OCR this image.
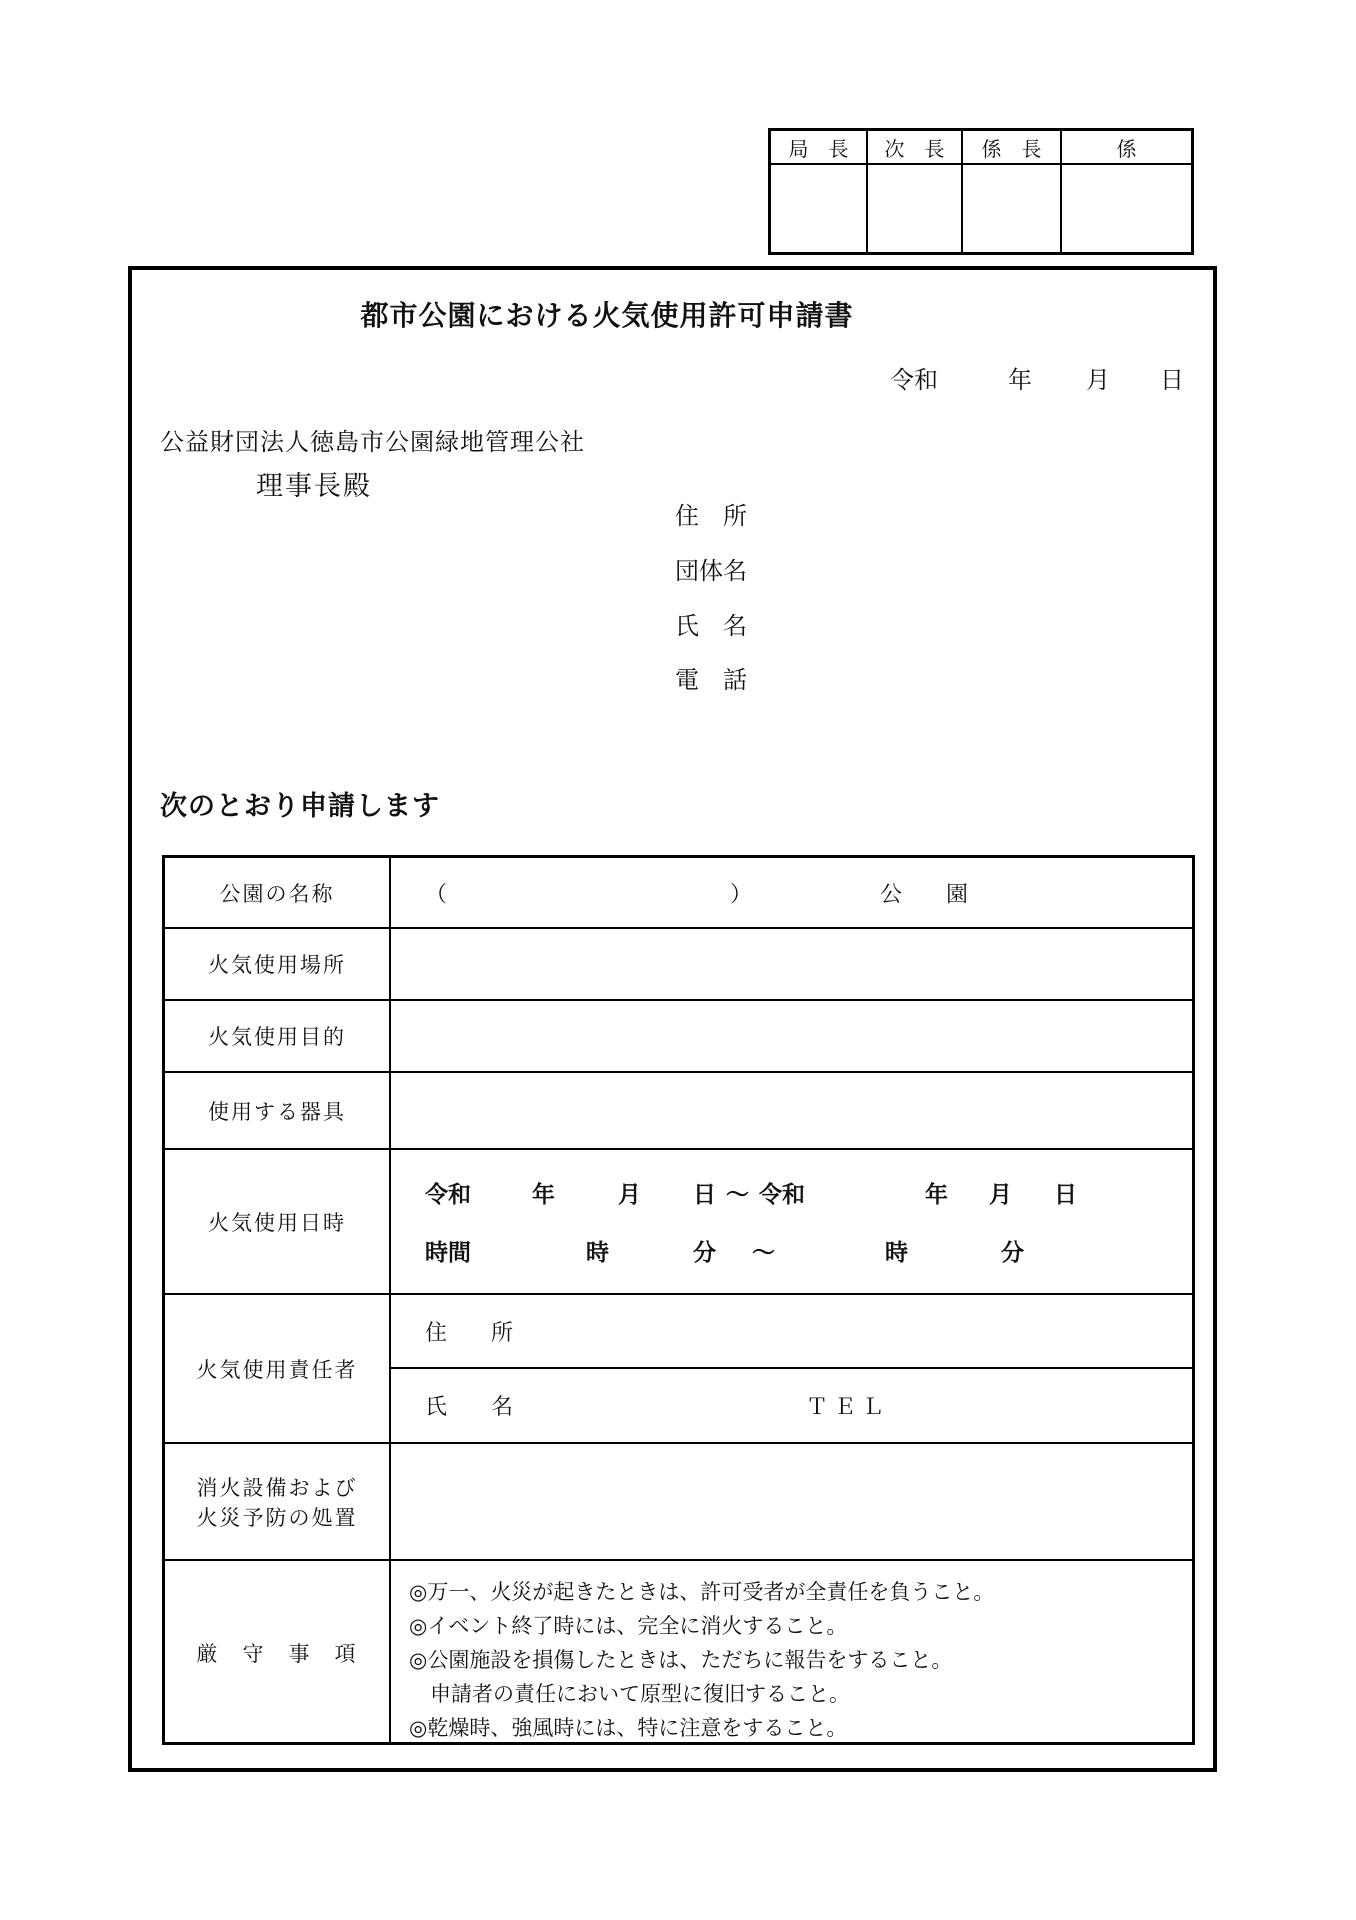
局　長	次　長	係　長	係
都市公園における火気使用許可申請書
令和	年 月 日
公益財団法人徳島市公園緑地管理公社
理事長殿
住　所
団体名
氏　名
電　話
次のとおり申請します
公園の名称	（	）	公　　園
火気使用場所
火気使用目的
使用する器具
火気使用日時
令和	年	月 日 ～ 令和	年 月 日
時間	時	分 ～	時	分
火気使用責任者
住　　所
氏　　名	ＴＥＬ
消火設備および
火災予防の処置
厳　守　事　項
◎万一、火災が起きたときは、許可受者が全責任を負うこと。
◎イベント終了時には、完全に消火すること。
◎公園施設を損傷したときは、ただちに報告をすること。
　申請者の責任において原型に復旧すること。
◎乾燥時、強風時には、特に注意をすること。
